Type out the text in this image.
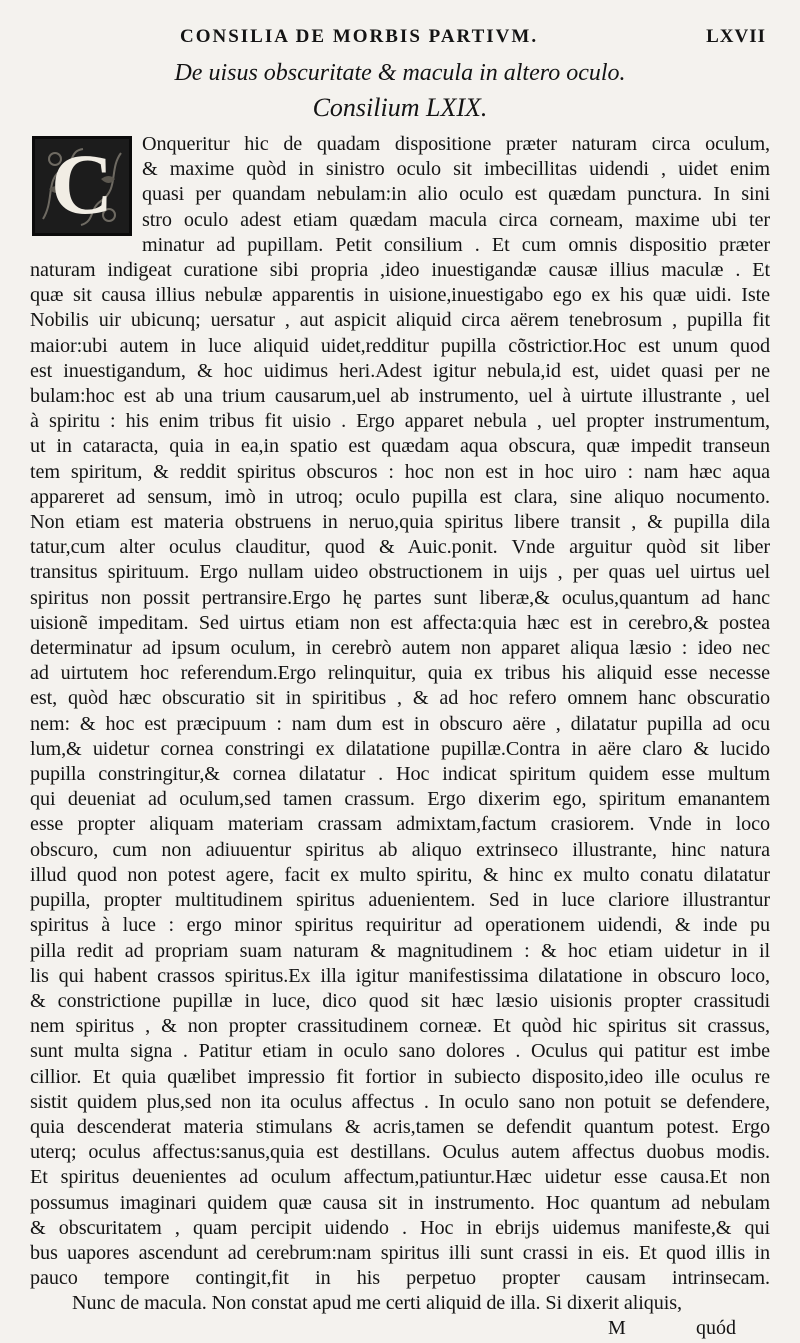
CONSILIA DE MORBIS PARTIVM.	LXVII
De uisus obscuritate & macula in altero oculo.
Consilium LXIX.
C	Onqueritur hic de quadam dispositione præter naturam circa oculum,
& maxime quòd in sinistro oculo sit imbecillitas uidendi , uidet enim
quasi per quandam nebulam:in alio oculo est quædam punctura. In sini
stro oculo adest etiam quædam macula circa corneam, maxime ubi ter
minatur ad pupillam. Petit consilium . Et cum omnis dispositio præter
naturam indigeat curatione sibi propria ,ideo inuestigandæ causæ illius maculæ . Et
quæ sit causa illius nebulæ apparentis in uisione,inuestigabo ego ex his quæ uidi. Iste
Nobilis uir ubicunq; uersatur , aut aspicit aliquid circa aërem tenebrosum , pupilla fit
maior:ubi autem in luce aliquid uidet,redditur pupilla cõstrictior.Hoc est unum quod
est inuestigandum, & hoc uidimus heri.Adest igitur nebula,id est, uidet quasi per ne
bulam:hoc est ab una trium causarum,uel ab instrumento, uel à uirtute illustrante , uel
à spiritu : his enim tribus fit uisio . Ergo apparet nebula , uel propter instrumentum,
ut in cataracta, quia in ea,in spatio est quædam aqua obscura, quæ impedit transeun
tem spiritum, & reddit spiritus obscuros : hoc non est in hoc uiro : nam hæc aqua
appareret ad sensum, imò in utroq; oculo pupilla est clara, sine aliquo nocumento.
Non etiam est materia obstruens in neruo,quia spiritus libere transit , & pupilla dila
tatur,cum alter oculus clauditur, quod & Auic.ponit. Vnde arguitur quòd sit liber
transitus spirituum. Ergo nullam uideo obstructionem in uijs , per quas uel uirtus uel
spiritus non possit pertransire.Ergo hę partes sunt liberæ,& oculus,quantum ad hanc
uisionẽ impeditam. Sed uirtus etiam non est affecta:quia hæc est in cerebro,& postea
determinatur ad ipsum oculum, in cerebrò autem non apparet aliqua læsio : ideo nec
ad uirtutem hoc referendum.Ergo relinquitur, quia ex tribus his aliquid esse necesse
est, quòd hæc obscuratio sit in spiritibus , & ad hoc refero omnem hanc obscuratio
nem: & hoc est præcipuum : nam dum est in obscuro aëre , dilatatur pupilla ad ocu
lum,& uidetur cornea constringi ex dilatatione pupillæ.Contra in aëre claro & lucido
pupilla constringitur,& cornea dilatatur . Hoc indicat spiritum quidem esse multum
qui deueniat ad oculum,sed tamen crassum. Ergo dixerim ego, spiritum emanantem
esse propter aliquam materiam crassam admixtam,factum crasiorem. Vnde in loco
obscuro, cum non adiuuentur spiritus ab aliquo extrinseco illustrante, hinc natura
illud quod non potest agere, facit ex multo spiritu, & hinc ex multo conatu dilatatur
pupilla, propter multitudinem spiritus aduenientem. Sed in luce clariore illustrantur
spiritus à luce : ergo minor spiritus requiritur ad operationem uidendi, & inde pu
pilla redit ad propriam suam naturam & magnitudinem : & hoc etiam uidetur in il
lis qui habent crassos spiritus.Ex illa igitur manifestissima dilatatione in obscuro loco,
& constrictione pupillæ in luce, dico quod sit hæc læsio uisionis propter crassitudi
nem spiritus , & non propter crassitudinem corneæ. Et quòd hic spiritus sit crassus,
sunt multa signa . Patitur etiam in oculo sano dolores . Oculus qui patitur est imbe
cillior. Et quia quælibet impressio fit fortior in subiecto disposito,ideo ille oculus re
sistit quidem plus,sed non ita oculus affectus . In oculo sano non potuit se defendere,
quia descenderat materia stimulans & acris,tamen se defendit quantum potest. Ergo
uterq; oculus affectus:sanus,quia est destillans. Oculus autem affectus duobus modis.
Et spiritus deuenientes ad oculum affectum,patiuntur.Hæc uidetur esse causa.Et non
possumus imaginari quidem quæ causa sit in instrumento. Hoc quantum ad nebulam
& obscuritatem , quam percipit uidendo . Hoc in ebrijs uidemus manifeste,& qui
bus uapores ascendunt ad cerebrum:nam spiritus illi sunt crassi in eis. Et quod illis in
pauco tempore contingit,fit in his perpetuo propter causam intrinsecam.
Nunc de macula. Non constat apud me certi aliquid de illa. Si dixerit aliquis,
M	quód
